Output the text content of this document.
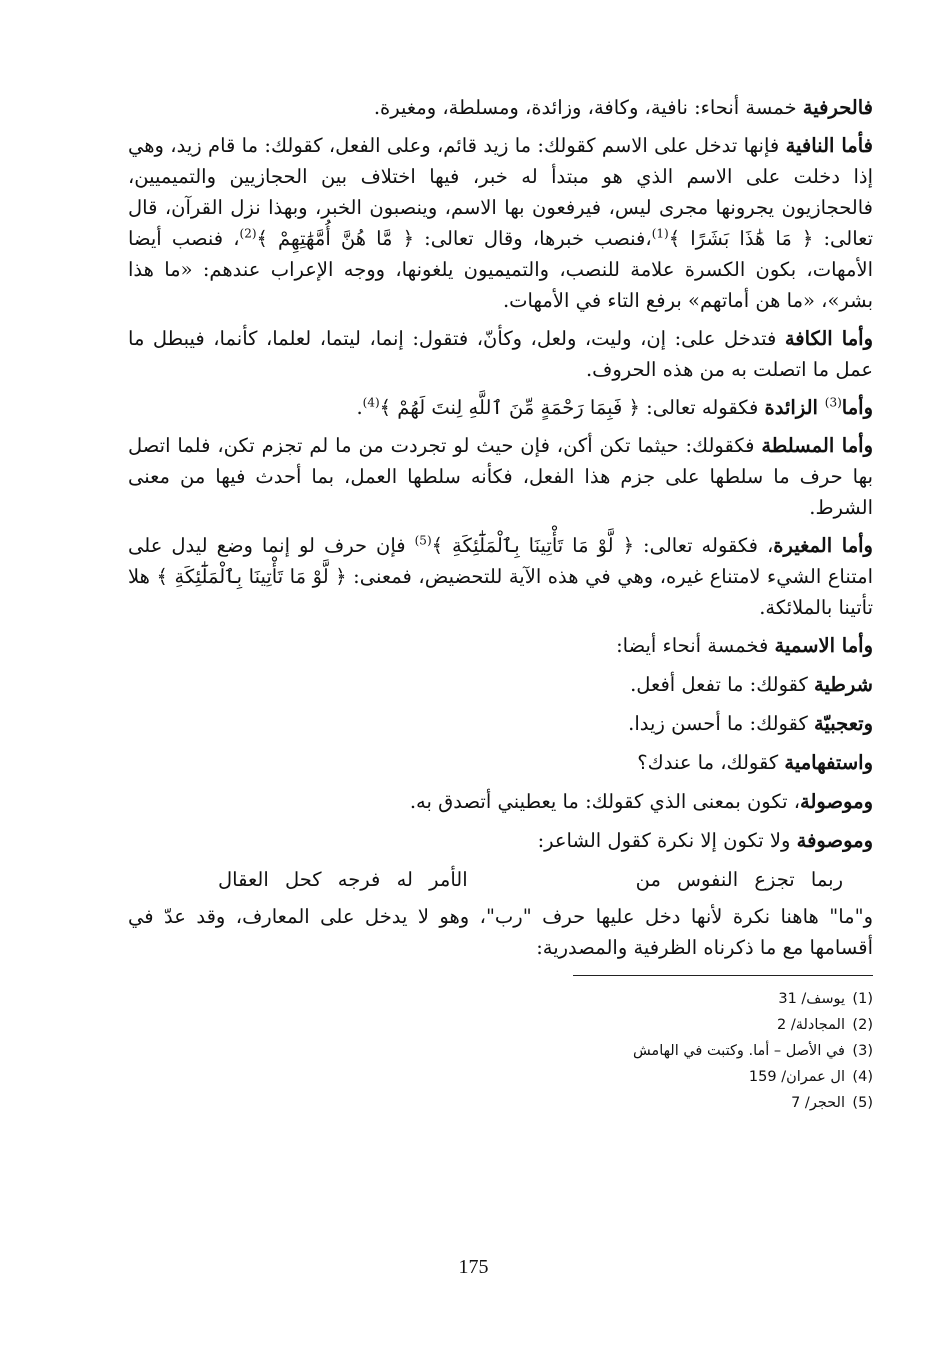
فالحرفية خمسة أنحاء: نافية، وكافة، وزائدة، ومسلطة، ومغيرة.

فأما النافية فإنها تدخل على الاسم كقولك: ما زيد قائم، وعلى الفعل، كقولك: ما قام زيد، وهي إذا دخلت على الاسم الذي هو مبتدأ له خبر، فيها اختلاف بين الحجازيين والتميميين، فالحجازيون يجرونها مجرى ليس، فيرفعون بها الاسم، وينصبون الخبر، وبهذا نزل القرآن، قال تعالى: ﴿ مَا هَٰذَا بَشَرًا ﴾$^{(1)}$،فنصب خبرها، وقال تعالى: ﴿ مَّا هُنَّ أُمَّهَٰتِهِمْ ﴾$^{(2)}$، فنصب أيضا الأمهات، بكون الكسرة علامة للنصب، والتميميون يلغونها، ووجه الإعراب عندهم: «ما هذا بشر»، «ما هن أماتهم» برفع التاء في الأمهات.

وأما الكافة فتدخل على: إن، وليت، ولعل، وكأنّ، فتقول: إنما، ليتما، لعلما، كأنما، فيبطل ما عمل ما اتصلت به من هذه الحروف.

وأما$^{(3)}$ الزائدة فكقوله تعالى: ﴿ فَبِمَا رَحْمَةٍ مِّنَ ٱللَّهِ لِنتَ لَهُمْ ﴾$^{(4)}$.

وأما المسلطة فكقولك: حيثما تكن أكن، فإن حيث لو تجردت من ما لم تجزم تكن، فلما اتصل بها حرف ما سلطها على جزم هذا الفعل، فكأنه سلطها العمل، بما أحدث فيها من معنى الشرط.

وأما المغيرة، فكقوله تعالى: ﴿ لَّوْ مَا تَأْتِينَا بِٱلْمَلَٰٓئِكَةِ ﴾$^{(5)}$ فإن حرف لو إنما وضع ليدل على امتناع الشيء لامتناع غيره، وهي في هذه الآية للتحضيض، فمعنى: ﴿ لَّوْ مَا تَأْتِينَا بِٱلْمَلَٰٓئِكَةِ ﴾ هلا تأتينا بالملائكة.

وأما الاسمية فخمسة أنحاء أيضا:

شرطية كقولك: ما تفعل أفعل.

وتعجبيّة كقولك: ما أحسن زيدا.

واستفهامية كقولك، ما عندك؟

وموصولة، تكون بمعنى الذي كقولك: ما يعطيني أتصدق به.

وموصوفة ولا تكون إلا نكرة كقول الشاعر:

ربما تجزع النفوس من
الأمر له فرجه كحل العقال

و"ما" هاهنا نكرة لأنها دخل عليها حرف "رب"، وهو لا يدخل على المعارف، وقد عدّ في أقسامها مع ما ذكرناه الظرفية والمصدرية:

(1)يوسف/ 31
(2)المجادلة/ 2
(3)في الأصل – أما. وكتبت في الهامش
(4)ال عمران/ 159
(5)الحجر/ 7
175
